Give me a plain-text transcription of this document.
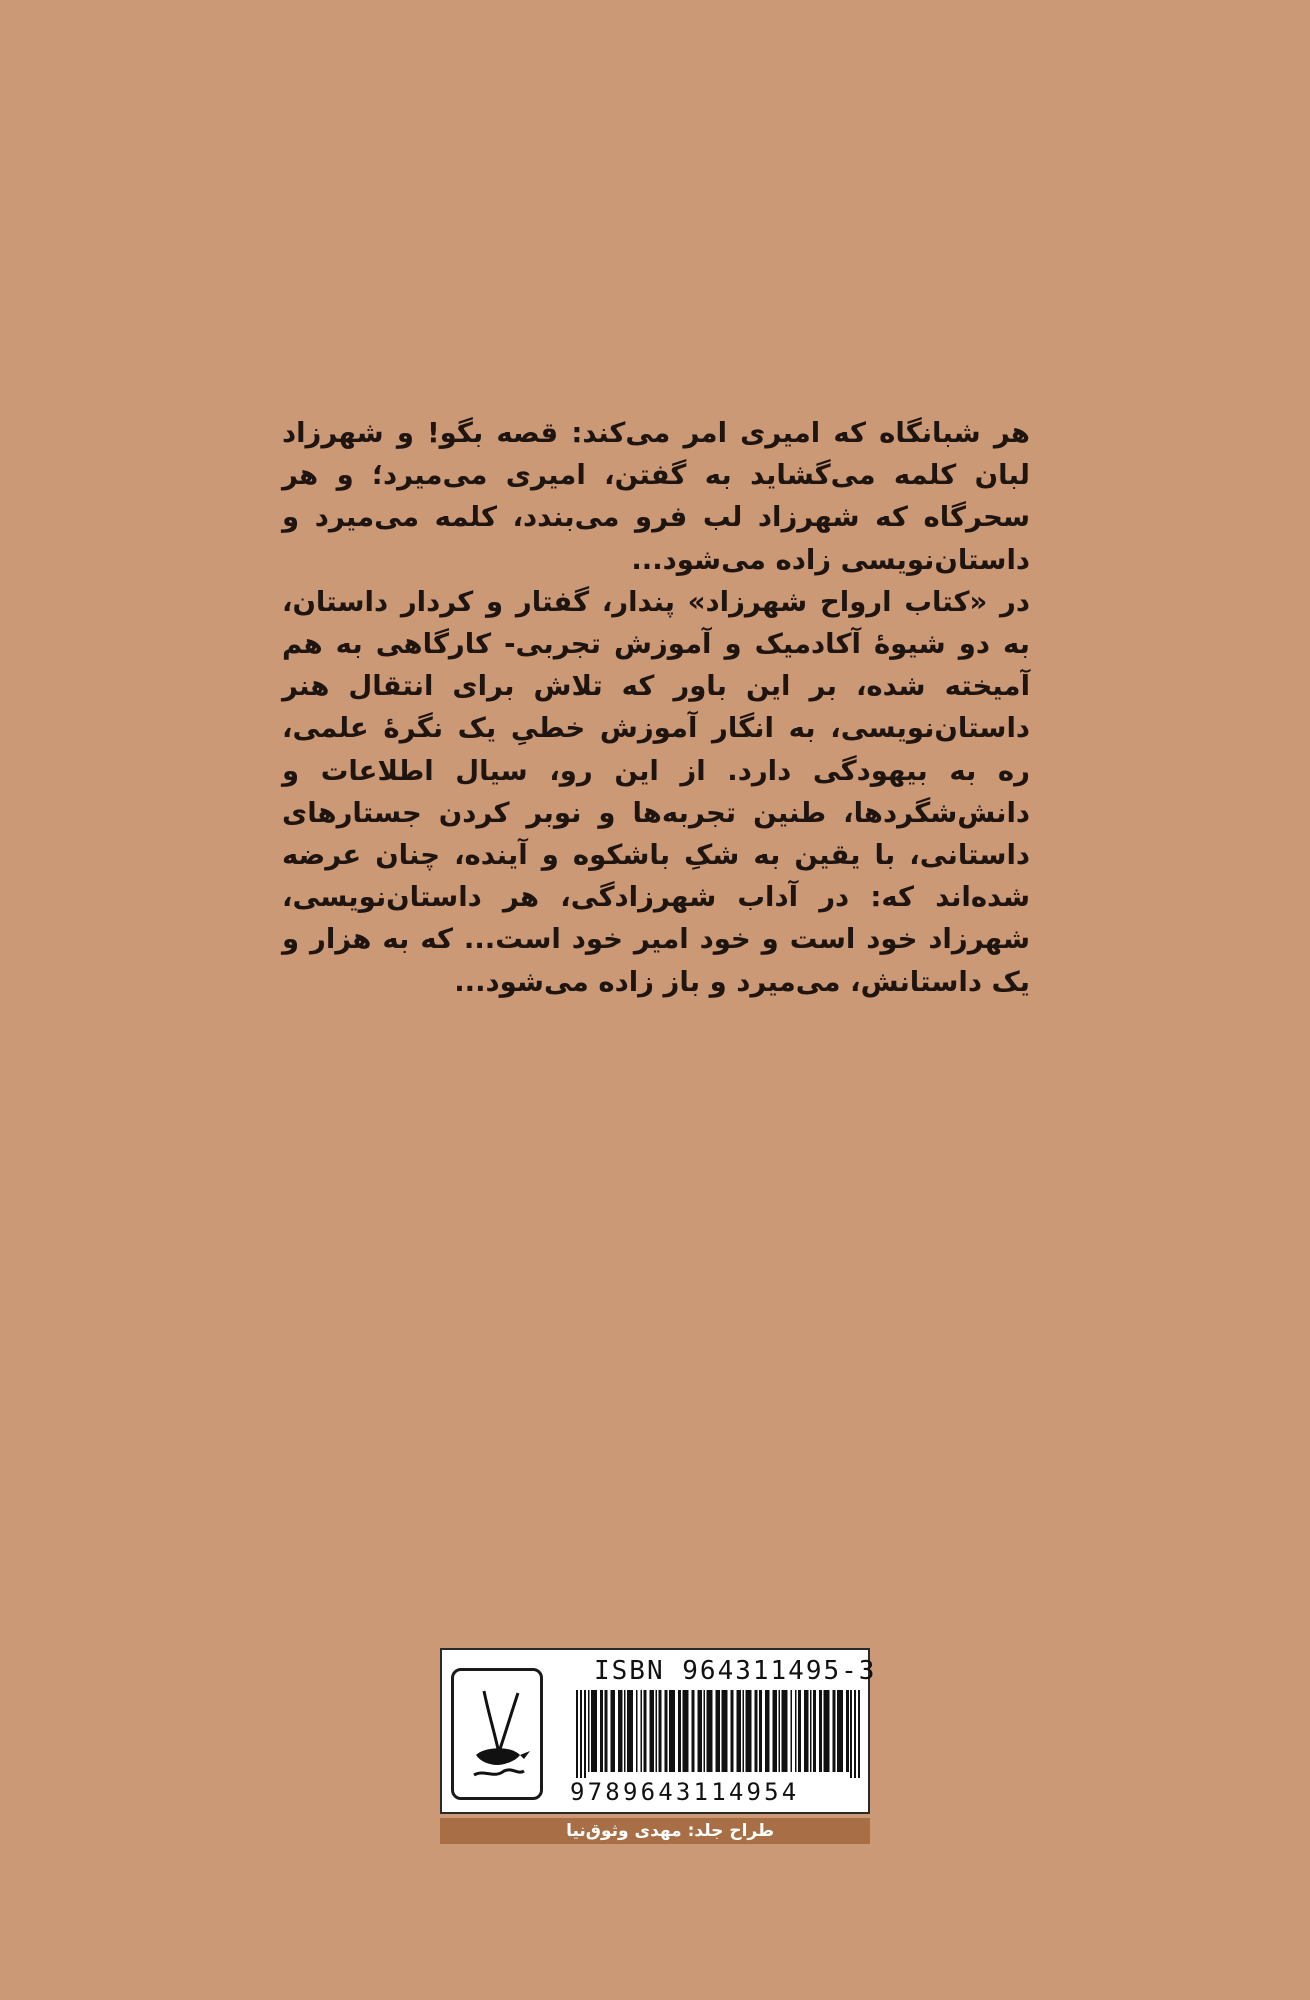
هر شبانگاه که امیری امر می‌کند: قصه بگو! و شهرزاد لبان کلمه می‌گشاید به گفتن، امیری می‌میرد؛ و هر سحرگاه که شهرزاد لب فرو می‌بندد، کلمه می‌میرد و داستان‌نویسی زاده می‌شود...

در «کتاب ارواح شهرزاد» پندار، گفتار و کردار داستان، به دو شیوهٔ آکادمیک و آموزش تجربی- کارگاهی به هم آمیخته شده، بر این باور که تلاش برای انتقال هنر داستان‌نویسی، به انگار آموزش خطیِ یک نگرهٔ علمی، ره به بیهودگی دارد. از این رو، سیال اطلاعات و دانش‌شگردها، طنین تجربه‌ها و نوبر کردن جستارهای داستانی، با یقین به شکِ باشکوه و آینده، چنان عرضه شده‌اند که: در آداب شهرزادگی، هر داستان‌نویسی، شهرزاد خود است و خود امیر خود است... که به هزار و یک داستانش، می‌میرد و باز زاده می‌شود...

ISBN 964311495-3
9789643114954
طراح جلد: مهدی وثوق‌نیا
